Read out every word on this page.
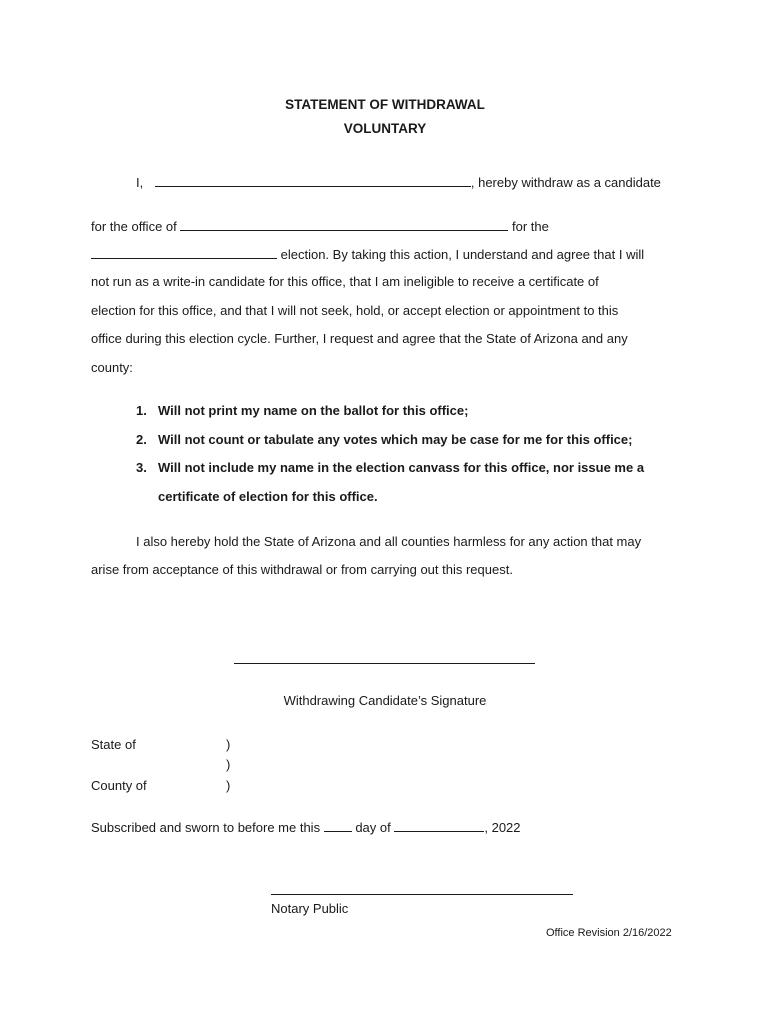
STATEMENT OF WITHDRAWAL
VOLUNTARY
I,	, hereby withdraw as a candidate
for the office of	for the
election. By taking this action, I understand and agree that I will
not run as a write-in candidate for this office, that I am ineligible to receive a certificate of
election for this office, and that I will not seek, hold, or accept election or appointment to this
office during this election cycle. Further, I request and agree that the State of Arizona and any
county:
1. Will not print my name on the ballot for this office;
2. Will not count or tabulate any votes which may be case for me for this office;
3. Will not include my name in the election canvass for this office, nor issue me a
certificate of election for this office.
I also hereby hold the State of Arizona and all counties harmless for any action that may
arise from acceptance of this withdrawal or from carrying out this request.
Withdrawing Candidate’s Signature
State of	)
)
County of	)
Subscribed and sworn to before me this	day of	, 2022
Notary Public
Office Revision 2/16/2022
